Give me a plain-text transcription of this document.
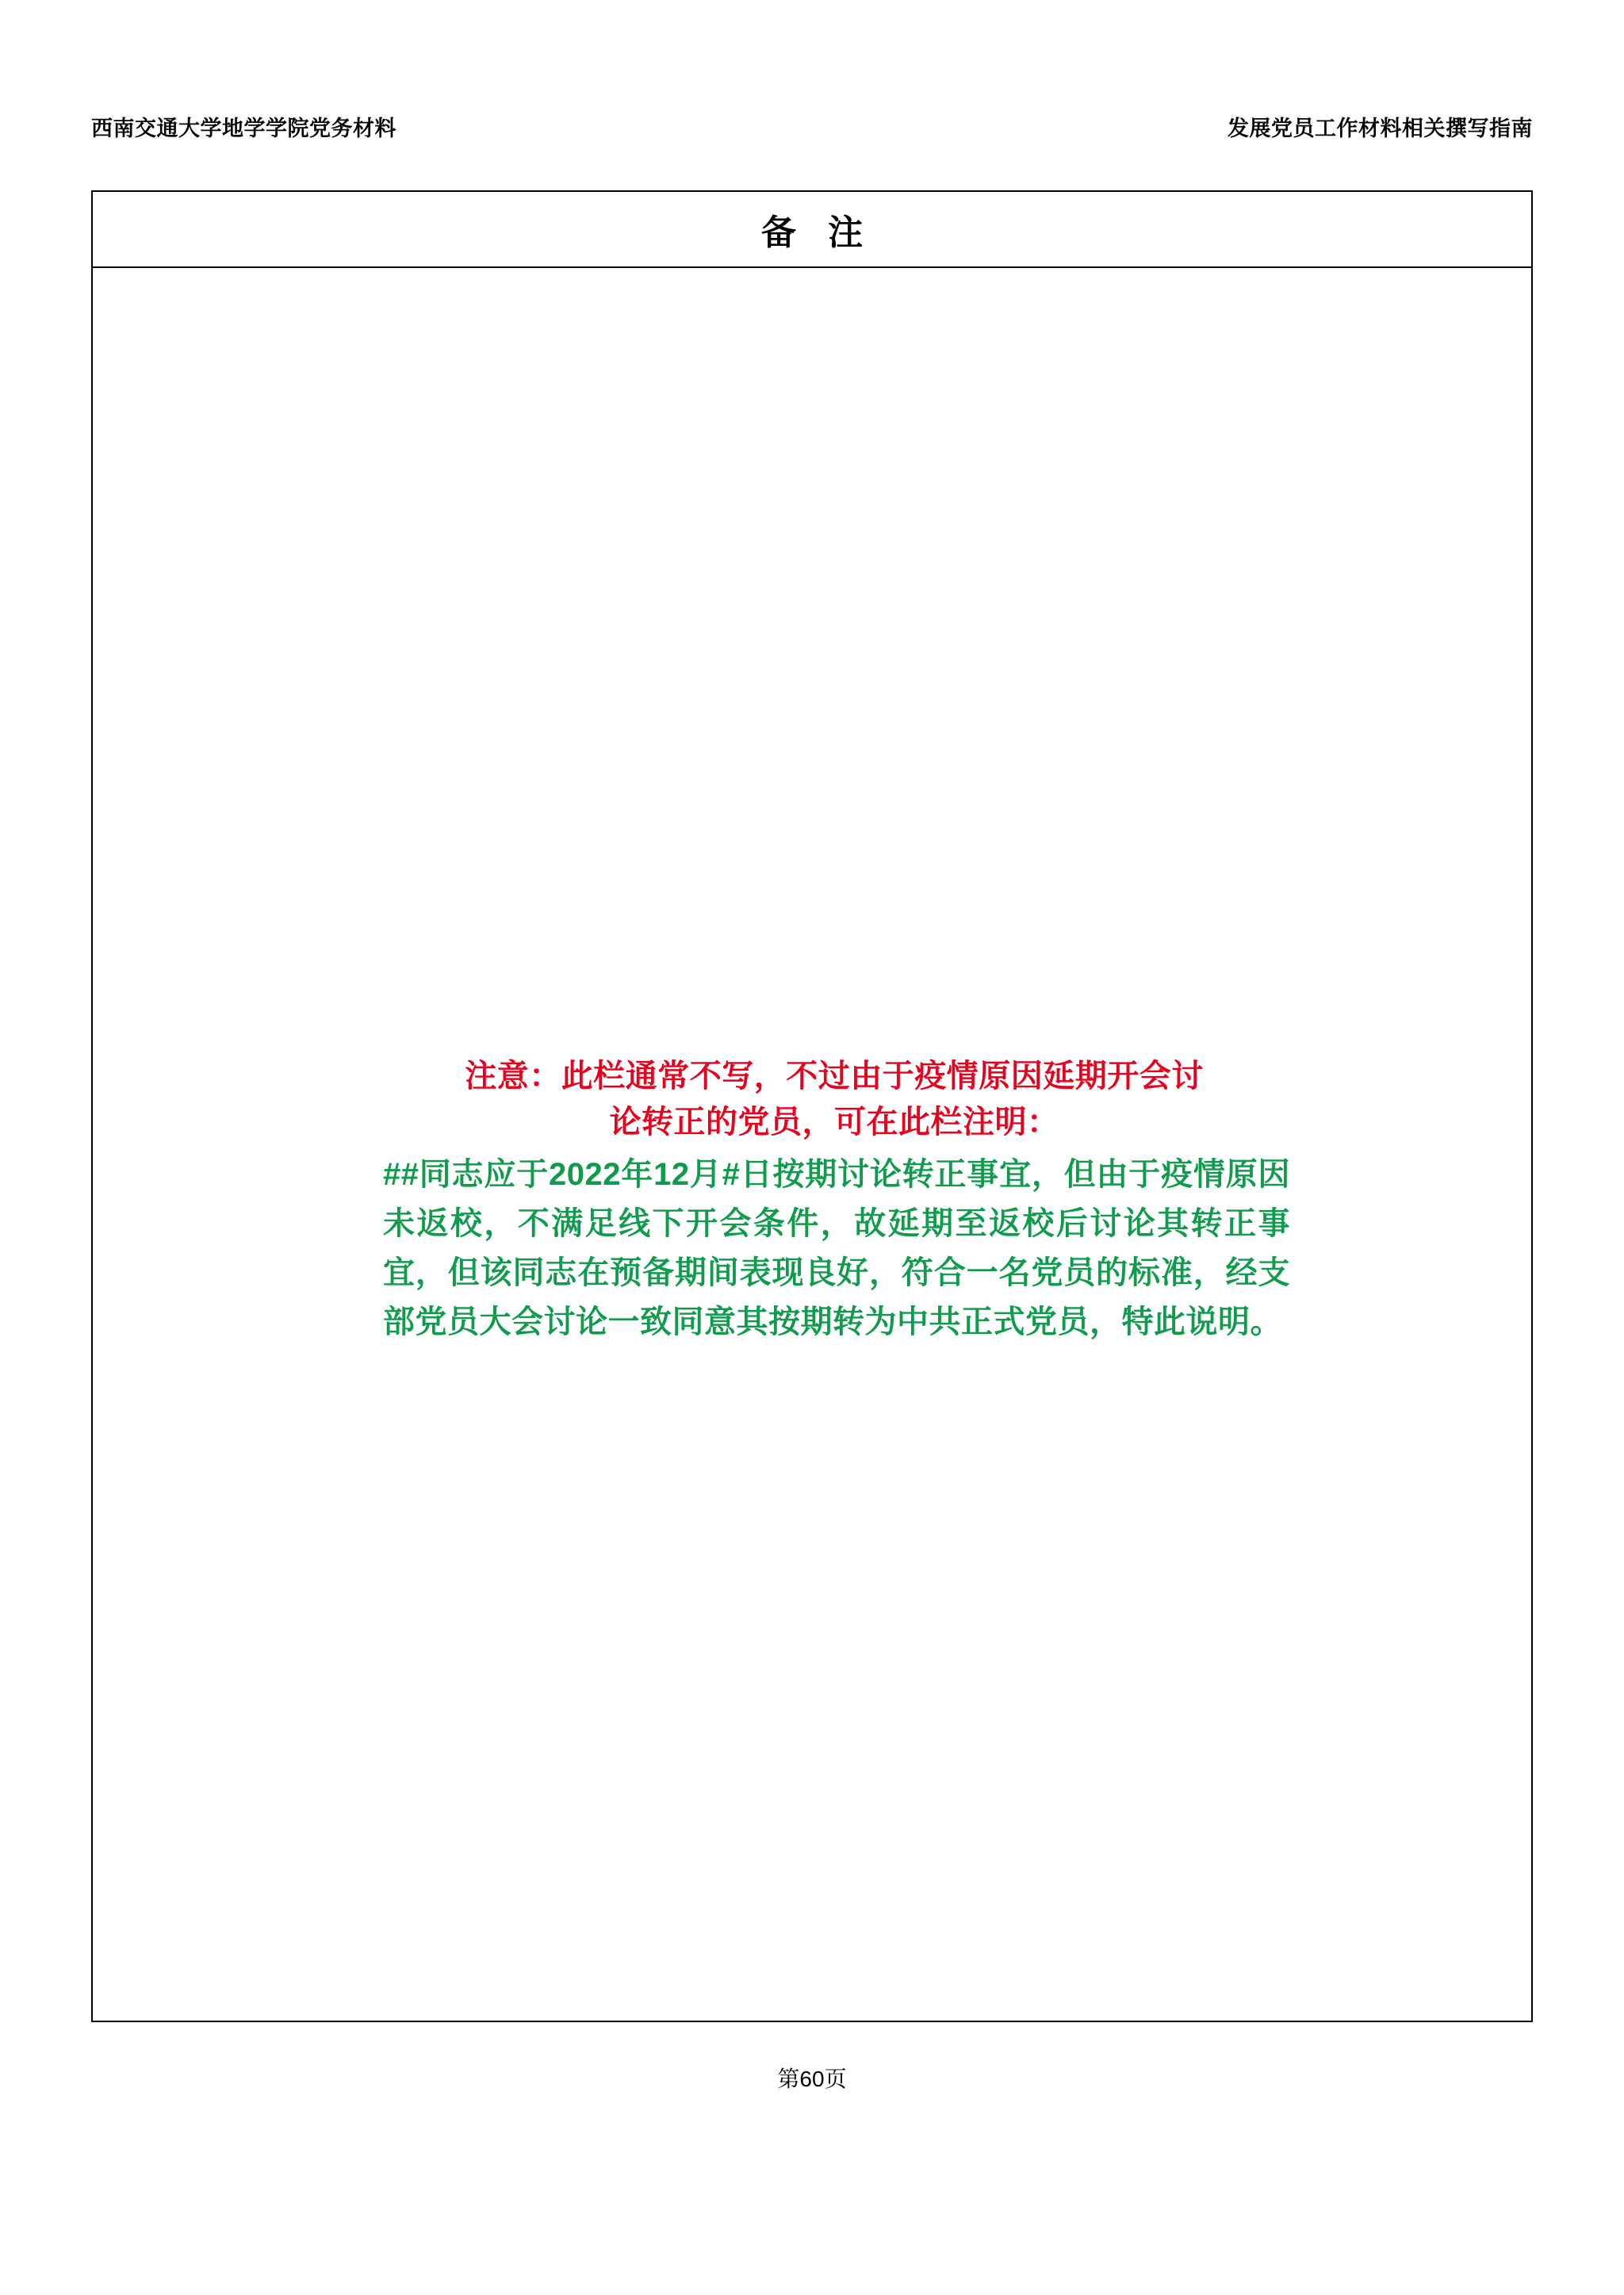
西南交通大学地学学院党务材料	发展党员工作材料相关撰写指南
备 注

注意：此栏通常不写，不过由于疫情原因延期开会讨
论转正的党员，可在此栏注明：

##同志应于2022年12月#日按期讨论转正事宜，但由于疫情原因未返校，不满足线下开会条件，故延期至返校后讨论其转正事宜，但该同志在预备期间表现良好，符合一名党员的标准，经支部党员大会讨论一致同意其按期转为中共正式党员，特此说明。

第60页
